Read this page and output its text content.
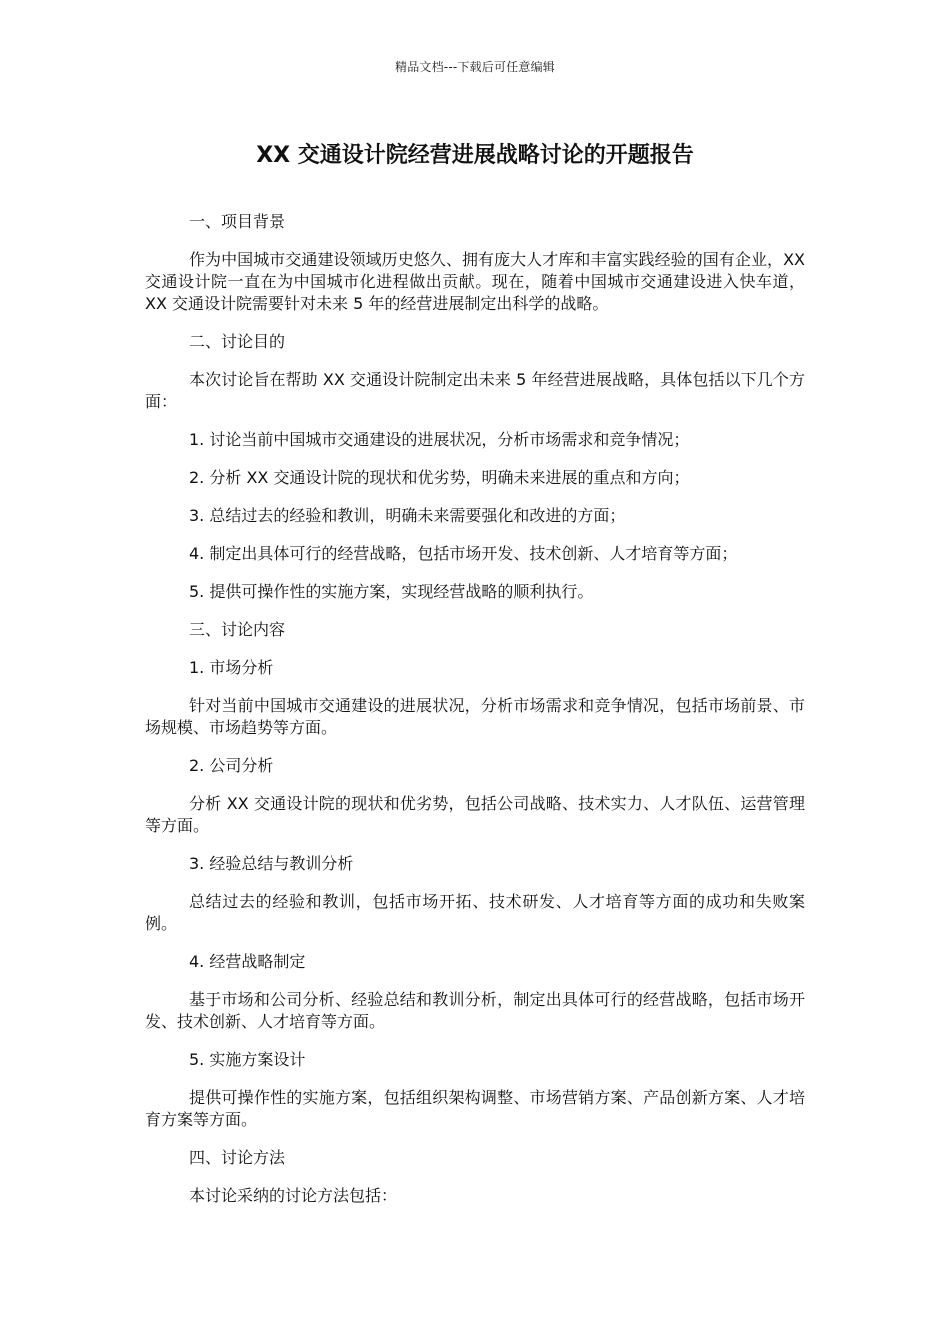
精品文档---下载后可任意编辑
XX 交通设计院经营进展战略讨论的开题报告

一、项目背景

作为中国城市交通建设领域历史悠久、拥有庞大人才库和丰富实践经验的国有企业，XX 交通设计院一直在为中国城市化进程做出贡献。现在，随着中国城市交通建设进入快车道，XX 交通设计院需要针对未来 5 年的经营进展制定出科学的战略。

二、讨论目的

本次讨论旨在帮助 XX 交通设计院制定出未来 5 年经营进展战略，具体包括以下几个方面：

1. 讨论当前中国城市交通建设的进展状况，分析市场需求和竞争情况；

2. 分析 XX 交通设计院的现状和优劣势，明确未来进展的重点和方向；

3. 总结过去的经验和教训，明确未来需要强化和改进的方面；

4. 制定出具体可行的经营战略，包括市场开发、技术创新、人才培育等方面；

5. 提供可操作性的实施方案，实现经营战略的顺利执行。

三、讨论内容

1. 市场分析

针对当前中国城市交通建设的进展状况，分析市场需求和竞争情况，包括市场前景、市场规模、市场趋势等方面。

2. 公司分析

分析 XX 交通设计院的现状和优劣势，包括公司战略、技术实力、人才队伍、运营管理等方面。

3. 经验总结与教训分析

总结过去的经验和教训，包括市场开拓、技术研发、人才培育等方面的成功和失败案例。

4. 经营战略制定

基于市场和公司分析、经验总结和教训分析，制定出具体可行的经营战略，包括市场开发、技术创新、人才培育等方面。

5. 实施方案设计

提供可操作性的实施方案，包括组织架构调整、市场营销方案、产品创新方案、人才培育方案等方面。

四、讨论方法

本讨论采纳的讨论方法包括：
